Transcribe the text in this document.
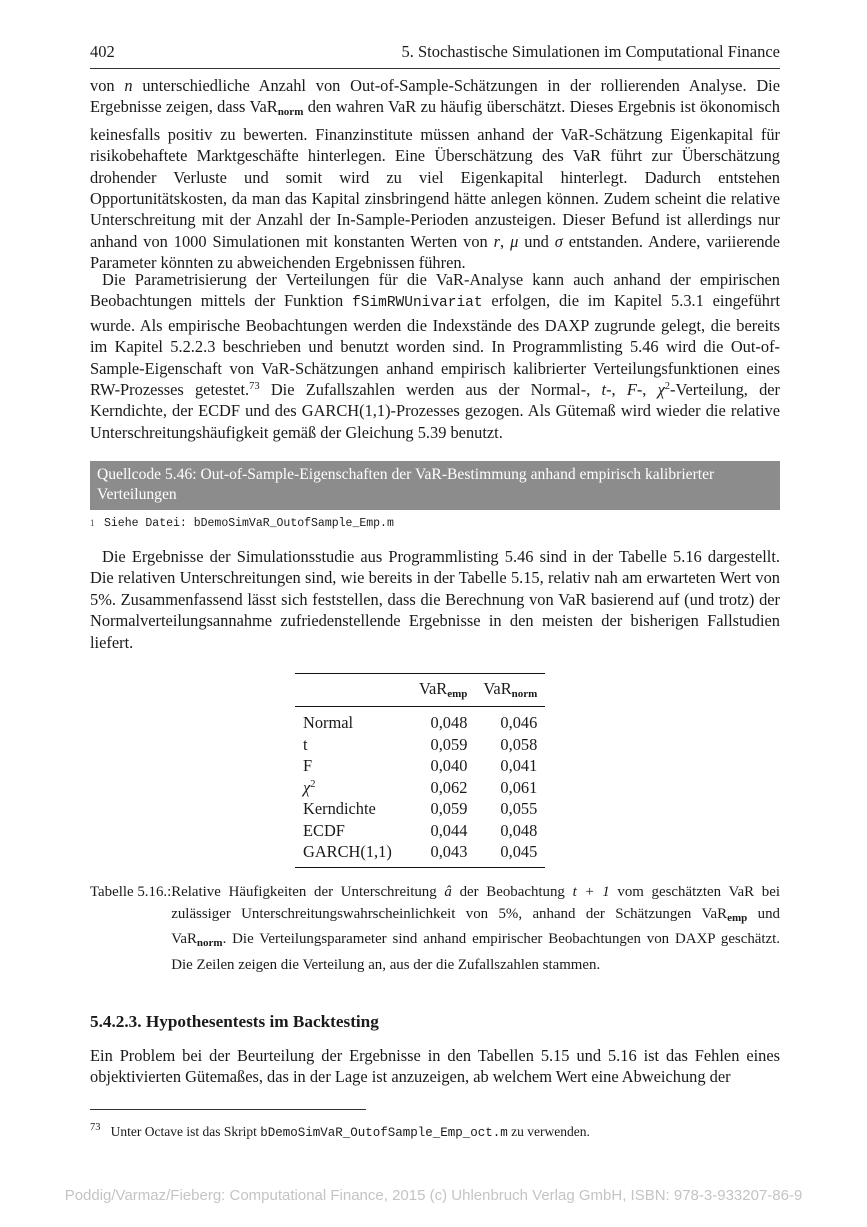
402	5. Stochastische Simulationen im Computational Finance

von n unterschiedliche Anzahl von Out-of-Sample-Schätzungen in der rollierenden Analyse. Die Ergebnisse zeigen, dass VaR$_{norm}$ den wahren VaR zu häufig überschätzt. Dieses Ergebnis ist ökonomisch keinesfalls positiv zu bewerten. Finanzinstitute müssen anhand der VaR-Schätzung Eigenkapital für risikobehaftete Marktgeschäfte hinterlegen. Eine Überschätzung des VaR führt zur Überschätzung drohender Verluste und somit wird zu viel Eigenkapital hinterlegt. Dadurch entstehen Opportunitätskosten, da man das Kapital zinsbringend hätte anlegen können. Zudem scheint die relative Unterschreitung mit der Anzahl der In-Sample-Perioden anzusteigen. Dieser Befund ist allerdings nur anhand von 1000 Simulationen mit konstanten Werten von r, μ und σ entstanden. Andere, variierende Parameter könnten zu abweichenden Ergebnissen führen.

Die Parametrisierung der Verteilungen für die VaR-Analyse kann auch anhand der empirischen Beobachtungen mittels der Funktion fSimRWUnivariat erfolgen, die im Kapitel 5.3.1 eingeführt wurde. Als empirische Beobachtungen werden die Indexstände des DAXP zugrunde gelegt, die bereits im Kapitel 5.2.2.3 beschrieben und benutzt worden sind. In Programmlisting 5.46 wird die Out-of-Sample-Eigenschaft von VaR-Schätzungen anhand empirisch kalibrierter Verteilungsfunktionen eines RW-Prozesses getestet.$^{73}$ Die Zufallszahlen werden aus der Normal-, t-, F-, $\chi^2$-Verteilung, der Kerndichte, der ECDF und des GARCH(1,1)-Prozesses gezogen. Als Gütemaß wird wieder die relative Unterschreitungshäufigkeit gemäß der Gleichung 5.39 benutzt.

Quellcode 5.46: Out-of-Sample-Eigenschaften der VaR-Bestimmung anhand empirisch kalibrierter Verteilungen
1 Siehe Datei: bDemoSimVaR_OutofSample_Emp.m

Die Ergebnisse der Simulationsstudie aus Programmlisting 5.46 sind in der Tabelle 5.16 dargestellt. Die relativen Unterschreitungen sind, wie bereits in der Tabelle 5.15, relativ nah am erwarteten Wert von 5%. Zusammenfassend lässt sich feststellen, dass die Berechnung von VaR basierend auf (und trotz) der Normalverteilungsannahme zufriedenstellende Ergebnisse in den meisten der bisherigen Fallstudien liefert.

	VaR$_{emp}$	VaR$_{norm}$
Normal	0,048	0,046
t	0,059	0,058
F	0,040	0,041
$\chi^2$	0,062	0,061
Kerndichte	0,059	0,055
ECDF	0,044	0,048
GARCH(1,1)	0,043	0,045
Tabelle 5.16.: Relative Häufigkeiten der Unterschreitung â der Beobachtung t + 1 vom geschätzten VaR bei zulässiger Unterschreitungswahrscheinlichkeit von 5%, anhand der Schätzungen VaR$_{emp}$ und VaR$_{norm}$. Die Verteilungsparameter sind anhand empirischer Beobachtungen von DAXP geschätzt. Die Zeilen zeigen die Verteilung an, aus der die Zufallszahlen stammen.
5.4.2.3. Hypothesentests im Backtesting

Ein Problem bei der Beurteilung der Ergebnisse in den Tabellen 5.15 und 5.16 ist das Fehlen eines objektivierten Gütemaßes, das in der Lage ist anzuzeigen, ab welchem Wert eine Abweichung der

$^{73}$ Unter Octave ist das Skript bDemoSimVaR_OutofSample_Emp_oct.m zu verwenden.
Poddig/Varmaz/Fieberg: Computational Finance, 2015 (c) Uhlenbruch Verlag GmbH, ISBN: 978-3-933207-86-9
